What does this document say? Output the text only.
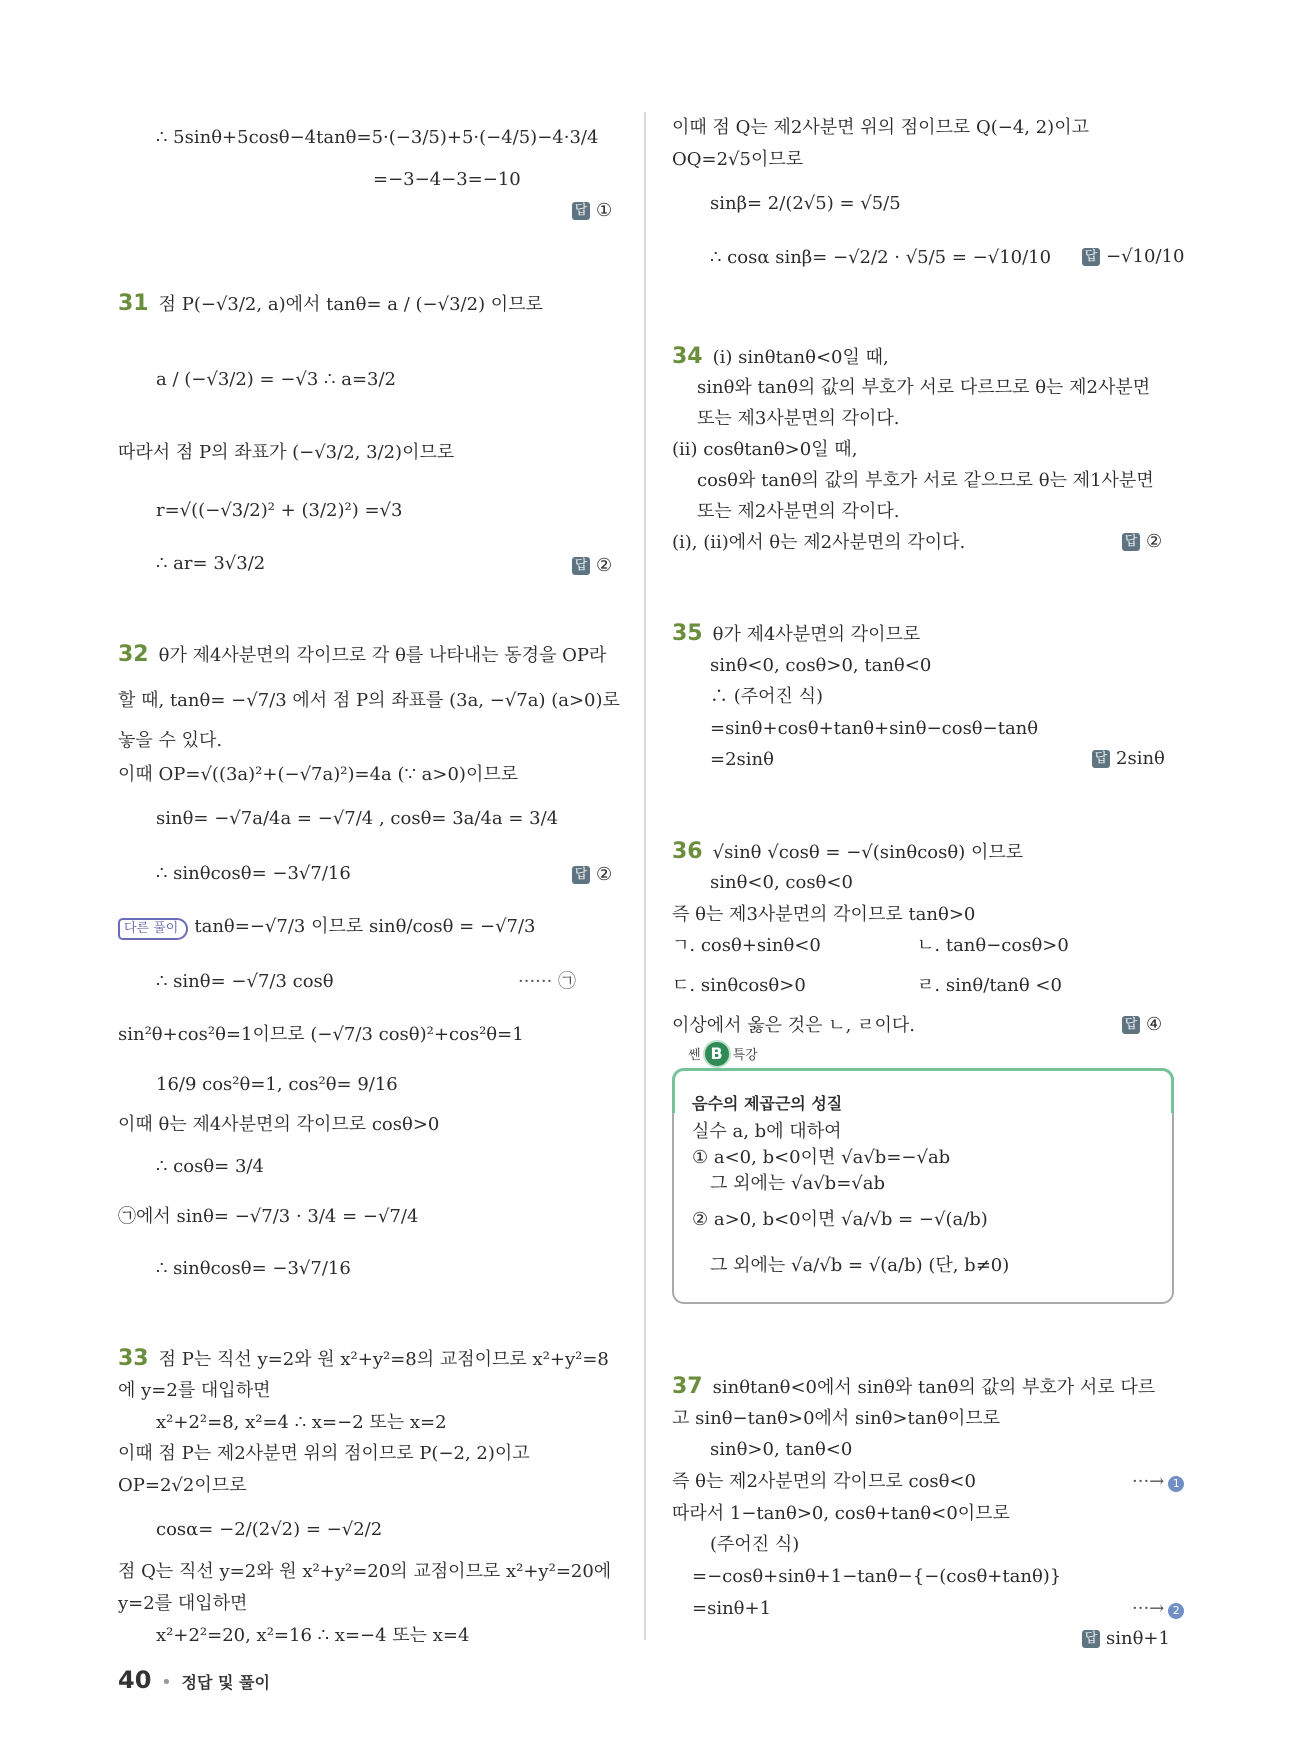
∴ 5sinθ+5cosθ−4tanθ=5·(−3/5)+5·(−4/5)−4·3/4
=−3−4−3=−10
답 ①
31 점 P(−√3/2, a)에서 tanθ= a / (−√3/2) 이므로
a / (−√3/2) = −√3 ∴ a=3/2
따라서 점 P의 좌표가 (−√3/2, 3/2)이므로
r=√((−√3/2)² + (3/2)²) =√3
∴ ar= 3√3/2	답 ②
32 θ가 제4사분면의 각이므로 각 θ를 나타내는 동경을 OP라
할 때, tanθ= −√7/3 에서 점 P의 좌표를 (3a, −√7a) (a>0)로
놓을 수 있다.
이때 OP=√((3a)²+(−√7a)²)=4a (∵ a>0)이므로
sinθ= −√7a/4a = −√7/4 , cosθ= 3a/4a = 3/4
∴ sinθcosθ= −3√7/16	답 ②
다른 풀이 tanθ=−√7/3 이므로 sinθ/cosθ = −√7/3
∴ sinθ= −√7/3 cosθ	······ ㉠
sin²θ+cos²θ=1이므로 (−√7/3 cosθ)²+cos²θ=1
16/9 cos²θ=1, cos²θ= 9/16
이때 θ는 제4사분면의 각이므로 cosθ>0
∴ cosθ= 3/4
㉠에서 sinθ= −√7/3 · 3/4 = −√7/4
∴ sinθcosθ= −3√7/16
33 점 P는 직선 y=2와 원 x²+y²=8의 교점이므로 x²+y²=8
에 y=2를 대입하면
x²+2²=8, x²=4 ∴ x=−2 또는 x=2
이때 점 P는 제2사분면 위의 점이므로 P(−2, 2)이고
OP=2√2이므로
cosα= −2/(2√2) = −√2/2
점 Q는 직선 y=2와 원 x²+y²=20의 교점이므로 x²+y²=20에
y=2를 대입하면
x²+2²=20, x²=16 ∴ x=−4 또는 x=4
이때 점 Q는 제2사분면 위의 점이므로 Q(−4, 2)이고
OQ=2√5이므로
sinβ= 2/(2√5) = √5/5
∴ cosα sinβ= −√2/2 · √5/5 = −√10/10	답 −√10/10
34 (i) sinθtanθ<0일 때,
sinθ와 tanθ의 값의 부호가 서로 다르므로 θ는 제2사분면
또는 제3사분면의 각이다.
(ii) cosθtanθ>0일 때,
cosθ와 tanθ의 값의 부호가 서로 같으므로 θ는 제1사분면
또는 제2사분면의 각이다.
(i), (ii)에서 θ는 제2사분면의 각이다.	답 ②
35 θ가 제4사분면의 각이므로
sinθ<0, cosθ>0, tanθ<0
∴ (주어진 식)
=sinθ+cosθ+tanθ+sinθ−cosθ−tanθ
=2sinθ	답 2sinθ
36 √sinθ √cosθ = −√(sinθcosθ) 이므로
sinθ<0, cosθ<0
즉 θ는 제3사분면의 각이므로 tanθ>0
ㄱ. cosθ+sinθ<0	ㄴ. tanθ−cosθ>0
ㄷ. sinθcosθ>0	ㄹ. sinθ/tanθ <0
이상에서 옳은 것은 ㄴ, ㄹ이다.	답 ④
37 sinθtanθ<0에서 sinθ와 tanθ의 값의 부호가 서로 다르
고 sinθ−tanθ>0에서 sinθ>tanθ이므로
sinθ>0, tanθ<0
즉 θ는 제2사분면의 각이므로 cosθ<0	···→ 1
따라서 1−tanθ>0, cosθ+tanθ<0이므로
(주어진 식)
=−cosθ+sinθ+1−tanθ−{−(cosθ+tanθ)}
=sinθ+1	···→ 2
답 sinθ+1
쎈 B 특강
음수의 제곱근의 성질
실수 a, b에 대하여
① a<0, b<0이면 √a√b=−√ab
그 외에는 √a√b=√ab
② a>0, b<0이면 √a/√b = −√(a/b)
그 외에는 √a/√b = √(a/b) (단, b≠0)
40 • 정답 및 풀이
